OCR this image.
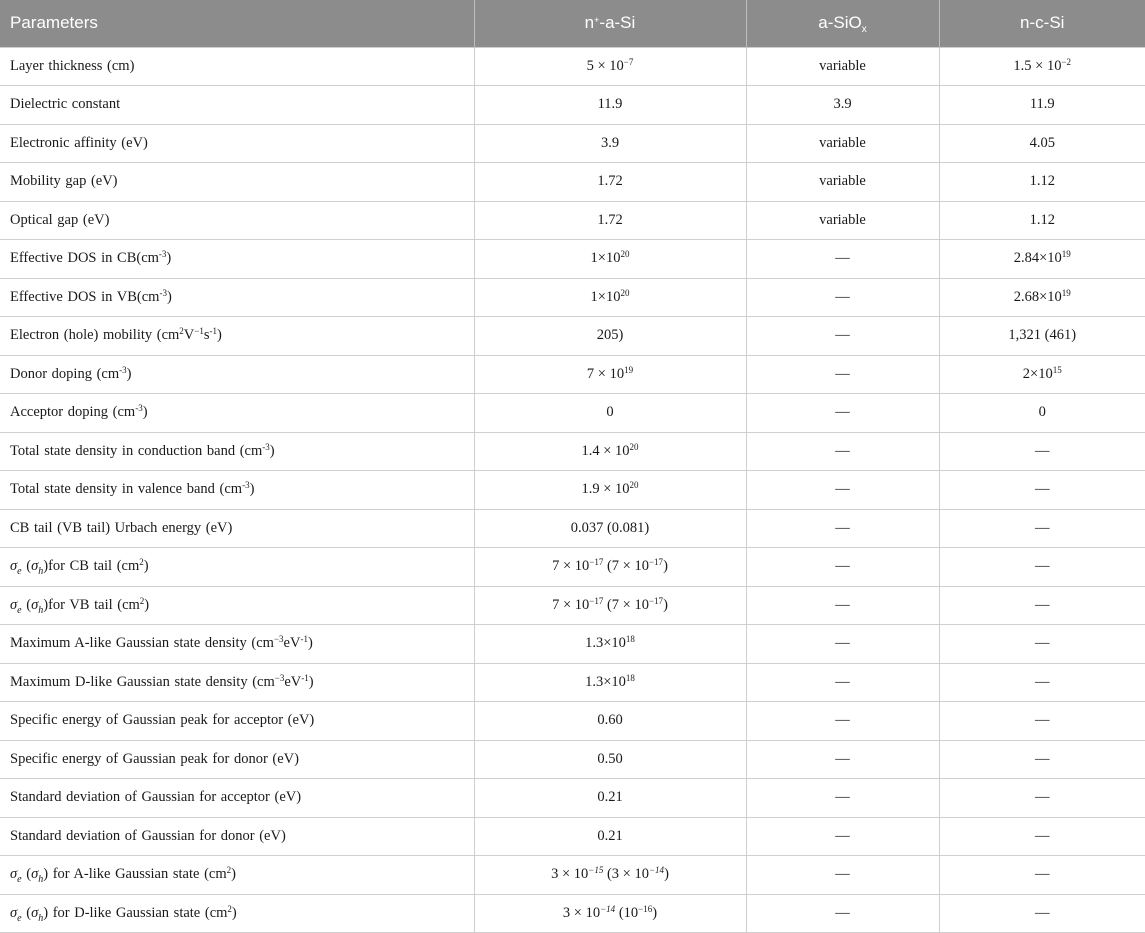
Parameters	n+-a-Si	a-SiO$_x$	n-c-Si
Layer thickness (cm)	$5 \times 10^{-7}$	variable	$1.5 \times 10^{-2}$
Dielectric constant	11.9	3.9	11.9
Electronic affinity (eV)	3.9	variable	4.05
Mobility gap (eV)	1.72	variable	1.12
Optical gap (eV)	1.72	variable	1.12
Effective DOS in $CB(cm^{-3})$	$1\times 10^{20}$	—	$2.84\times 10^{19}$
Effective DOS in $VB(cm^{-3})$	$1\times 10^{20}$	—	$2.68\times 10^{19}$
Electron (hole) mobility $(cm^2V^{-1}s^{-1})$	205)	—	1,321 (461)
Donor doping $(cm^{-3})$	$7 \times 10^{19}$	—	$2\times 10^{15}$
Acceptor doping $(cm^{-3})$	0	—	0
Total state density in conduction band $(cm^{-3})$	$1.4 \times 10^{20}$	—	—
Total state density in valence band $(cm^{-3})$	$1.9 \times 10^{20}$	—	—
CB tail (VB tail) Urbach energy (eV)	0.037 (0.081)	—	—
$\sigma_e$ $(\sigma_h)for$ CB tail $(cm^2)$	$7 \times 10^{-17}$ $(7 \times 10^{-17})$	—	—
$\sigma_e$ $(\sigma_h)for$ VB tail $(cm^2)$	$7 \times 10^{-17}$ $(7 \times 10^{-17})$	—	—
Maximum A-like Gaussian state density $(cm^{-3}eV^{-1})$	$1.3\times 10^{18}$	—	—
Maximum D-like Gaussian state density $(cm^{-3}eV^{-1})$	$1.3\times 10^{18}$	—	—
Specific energy of Gaussian peak for acceptor (eV)	0.60	—	—
Specific energy of Gaussian peak for donor (eV)	0.50	—	—
Standard deviation of Gaussian for acceptor (eV)	0.21	—	—
Standard deviation of Gaussian for donor (eV)	0.21	—	—
$\sigma_e$ $(\sigma_h)$ for A-like Gaussian state $(cm^2)$	$3 \times 10^{-15}$ $(3 \times 10^{-14})$	—	—
$\sigma_e$ $(\sigma_h)$ for D-like Gaussian state $(cm^2)$	$3 \times 10^{-14}$ $(10^{-16})$	—	—
